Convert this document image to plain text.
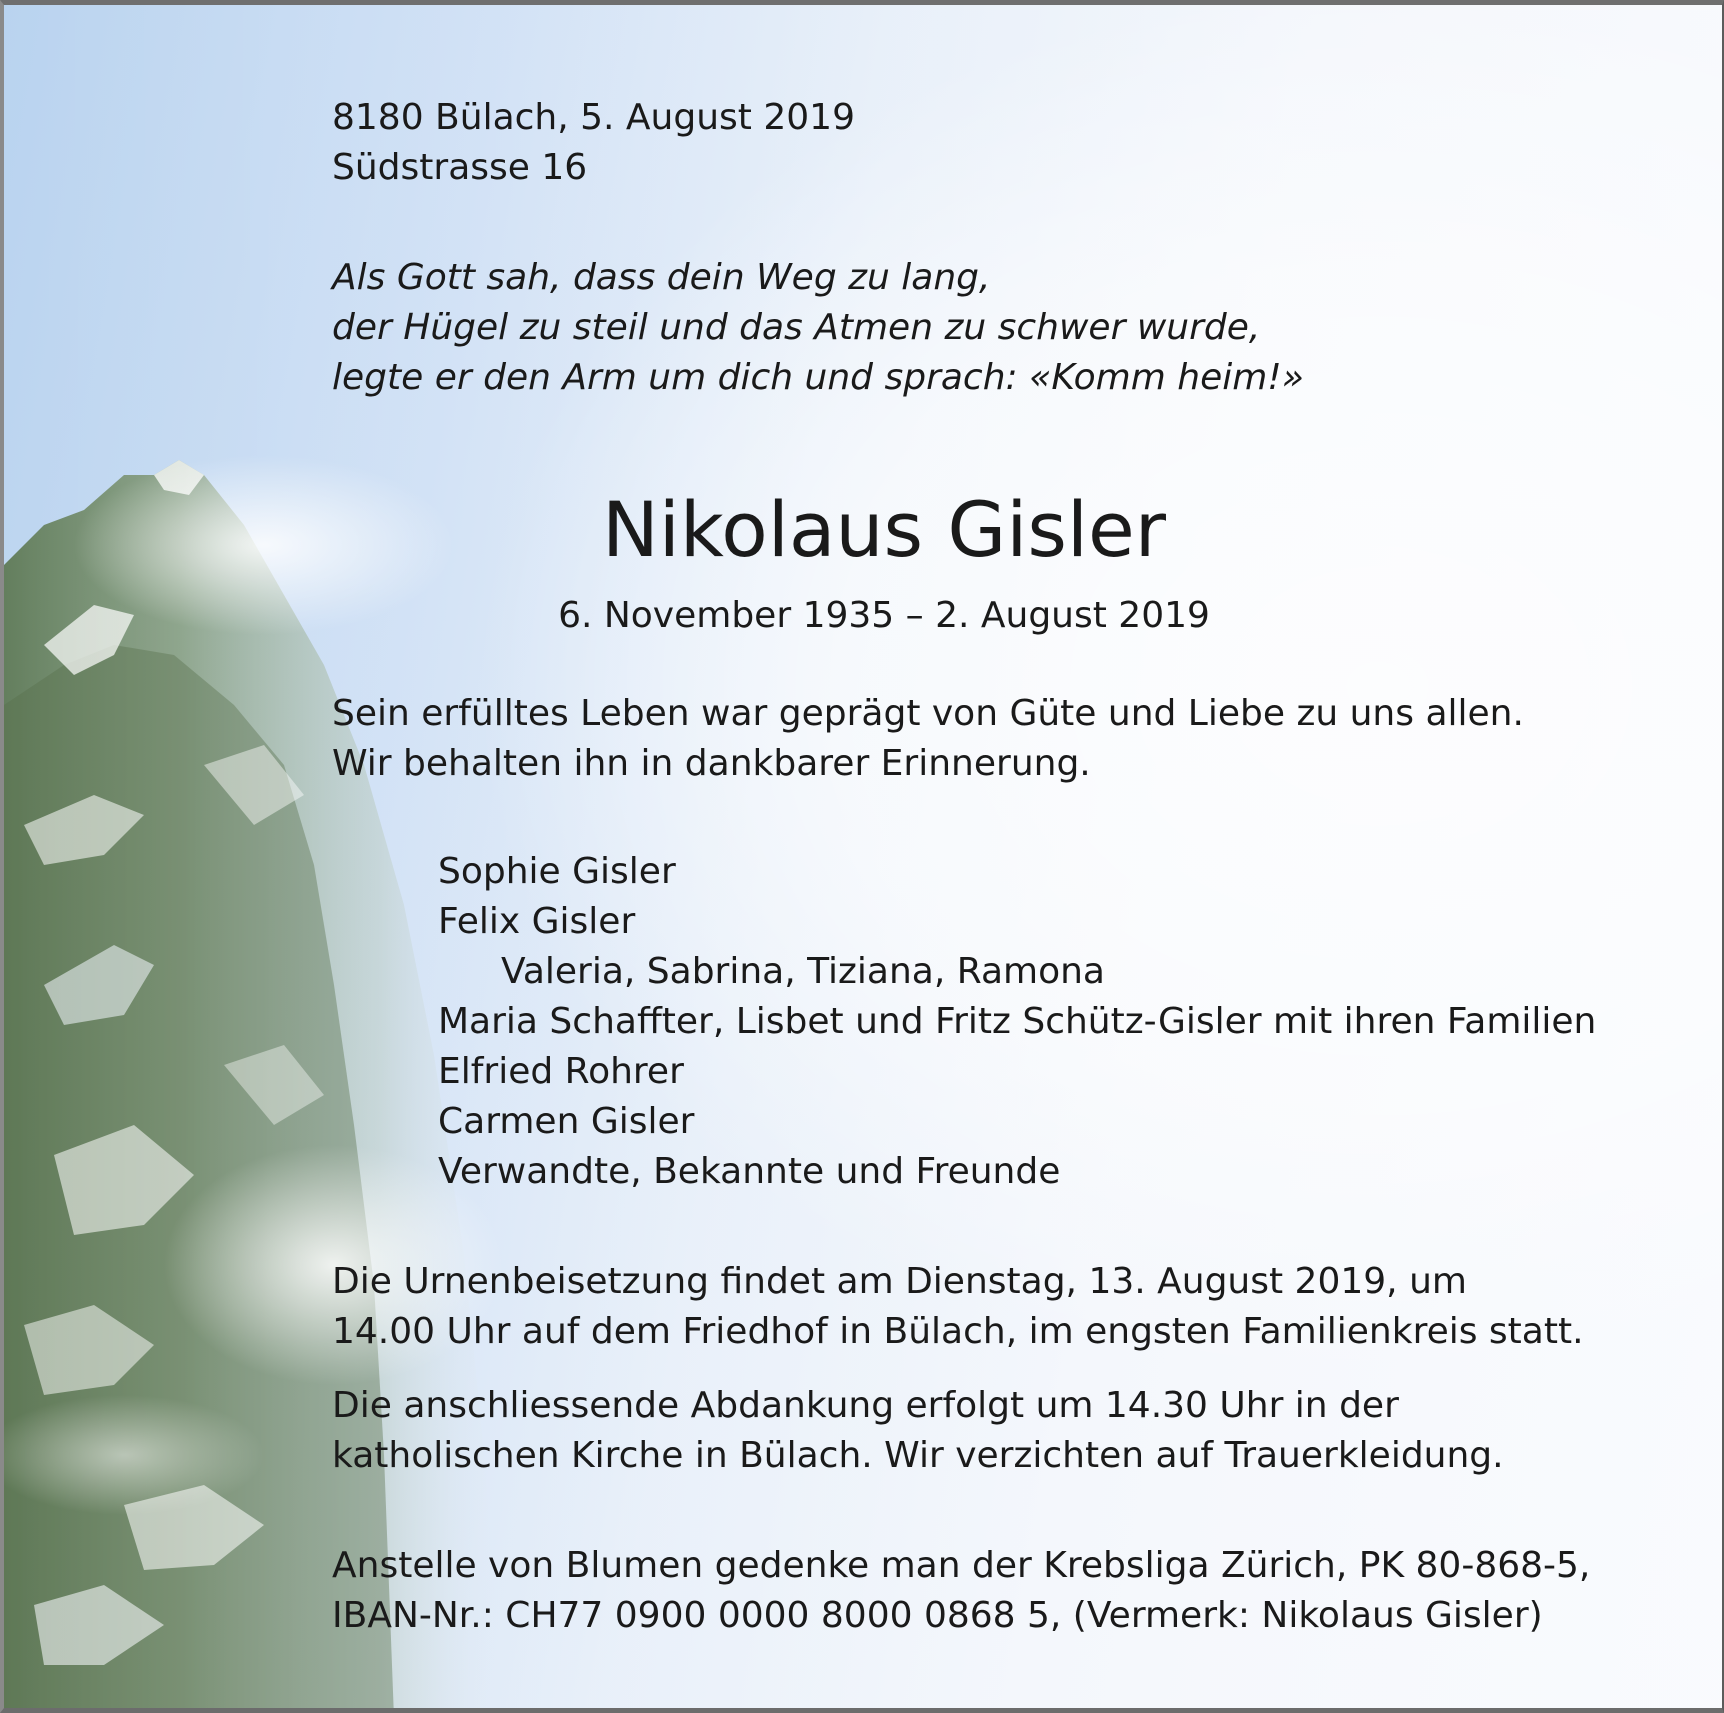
8180 Bülach, 5. August 2019
Südstrasse 16
Als Gott sah, dass dein Weg zu lang,
der Hügel zu steil und das Atmen zu schwer wurde,
legte er den Arm um dich und sprach: «Komm heim!»
Nikolaus Gisler
6. November 1935 – 2. August 2019
Sein erfülltes Leben war geprägt von Güte und Liebe zu uns allen.
Wir behalten ihn in dankbarer Erinnerung.
Sophie Gisler
Felix Gisler
Valeria, Sabrina, Tiziana, Ramona
Maria Schaffter, Lisbet und Fritz Schütz-Gisler mit ihren Familien
Elfried Rohrer
Carmen Gisler
Verwandte, Bekannte und Freunde
Die Urnenbeisetzung findet am Dienstag, 13. August 2019, um
14.00 Uhr auf dem Friedhof in Bülach, im engsten Familienkreis statt.
Die anschliessende Abdankung erfolgt um 14.30 Uhr in der
katholischen Kirche in Bülach. Wir verzichten auf Trauerkleidung.
Anstelle von Blumen gedenke man der Krebsliga Zürich, PK 80-868-5,
IBAN-Nr.: CH77 0900 0000 8000 0868 5, (Vermerk: Nikolaus Gisler)
